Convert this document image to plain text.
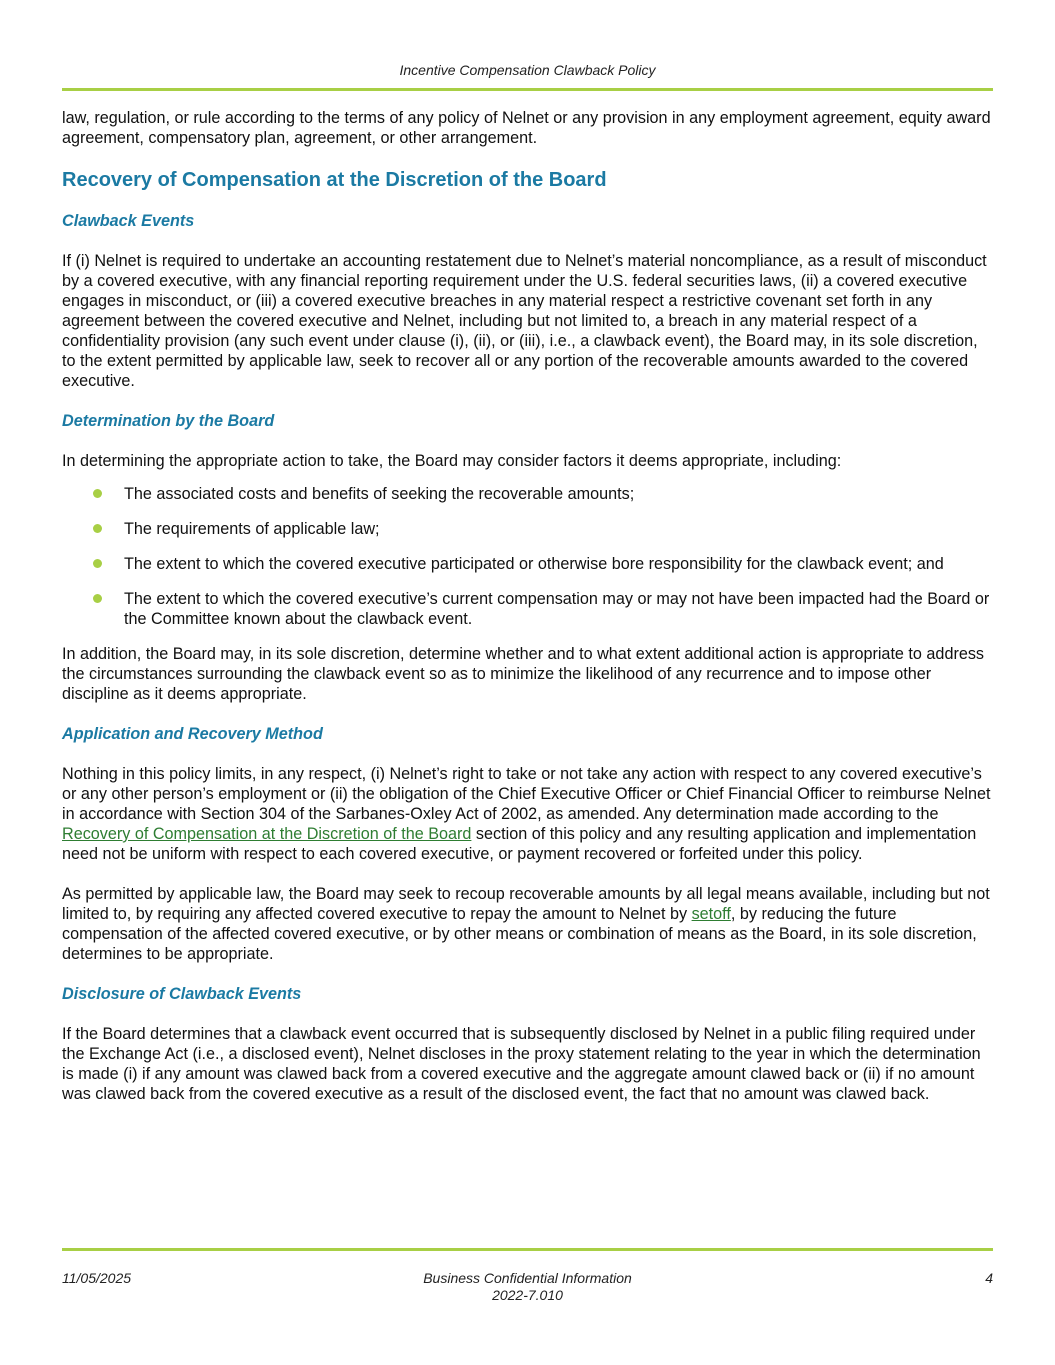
Incentive Compensation Clawback Policy

law, regulation, or rule according to the terms of any policy of Nelnet or any provision in any employment agreement, equity award agreement, compensatory plan, agreement, or other arrangement.

Recovery of Compensation at the Discretion of the Board
Clawback Events

If (i) Nelnet is required to undertake an accounting restatement due to Nelnet’s material noncompliance, as a result of misconduct by a covered executive, with any financial reporting requirement under the U.S. federal securities laws, (ii) a covered executive engages in misconduct, or (iii) a covered executive breaches in any material respect a restrictive covenant set forth in any agreement between the covered executive and Nelnet, including but not limited to, a breach in any material respect of a confidentiality provision (any such event under clause (i), (ii), or (iii), i.e., a clawback event), the Board may, in its sole discretion, to the extent permitted by applicable law, seek to recover all or any portion of the recoverable amounts awarded to the covered executive.

Determination by the Board

In determining the appropriate action to take, the Board may consider factors it deems appropriate, including:

The associated costs and benefits of seeking the recoverable amounts;
The requirements of applicable law;
The extent to which the covered executive participated or otherwise bore responsibility for the clawback event; and
The extent to which the covered executive’s current compensation may or may not have been impacted had the Board or the Committee known about the clawback event.

In addition, the Board may, in its sole discretion, determine whether and to what extent additional action is appropriate to address the circumstances surrounding the clawback event so as to minimize the likelihood of any recurrence and to impose other discipline as it deems appropriate.

Application and Recovery Method

Nothing in this policy limits, in any respect, (i) Nelnet’s right to take or not take any action with respect to any covered executive’s or any other person’s employment or (ii) the obligation of the Chief Executive Officer or Chief Financial Officer to reimburse Nelnet in accordance with Section 304 of the Sarbanes-Oxley Act of 2002, as amended. Any determination made according to the Recovery of Compensation at the Discretion of the Board section of this policy and any resulting application and implementation need not be uniform with respect to each covered executive, or payment recovered or forfeited under this policy.

As permitted by applicable law, the Board may seek to recoup recoverable amounts by all legal means available, including but not limited to, by requiring any affected covered executive to repay the amount to Nelnet by setoff, by reducing the future compensation of the affected covered executive, or by other means or combination of means as the Board, in its sole discretion, determines to be appropriate.

Disclosure of Clawback Events

If the Board determines that a clawback event occurred that is subsequently disclosed by Nelnet in a public filing required under the Exchange Act (i.e., a disclosed event), Nelnet discloses in the proxy statement relating to the year in which the determination is made (i) if any amount was clawed back from a covered executive and the aggregate amount clawed back or (ii) if no amount was clawed back from the covered executive as a result of the disclosed event, the fact that no amount was clawed back.

11/05/2025	Business Confidential Information
2022-7.010
4
